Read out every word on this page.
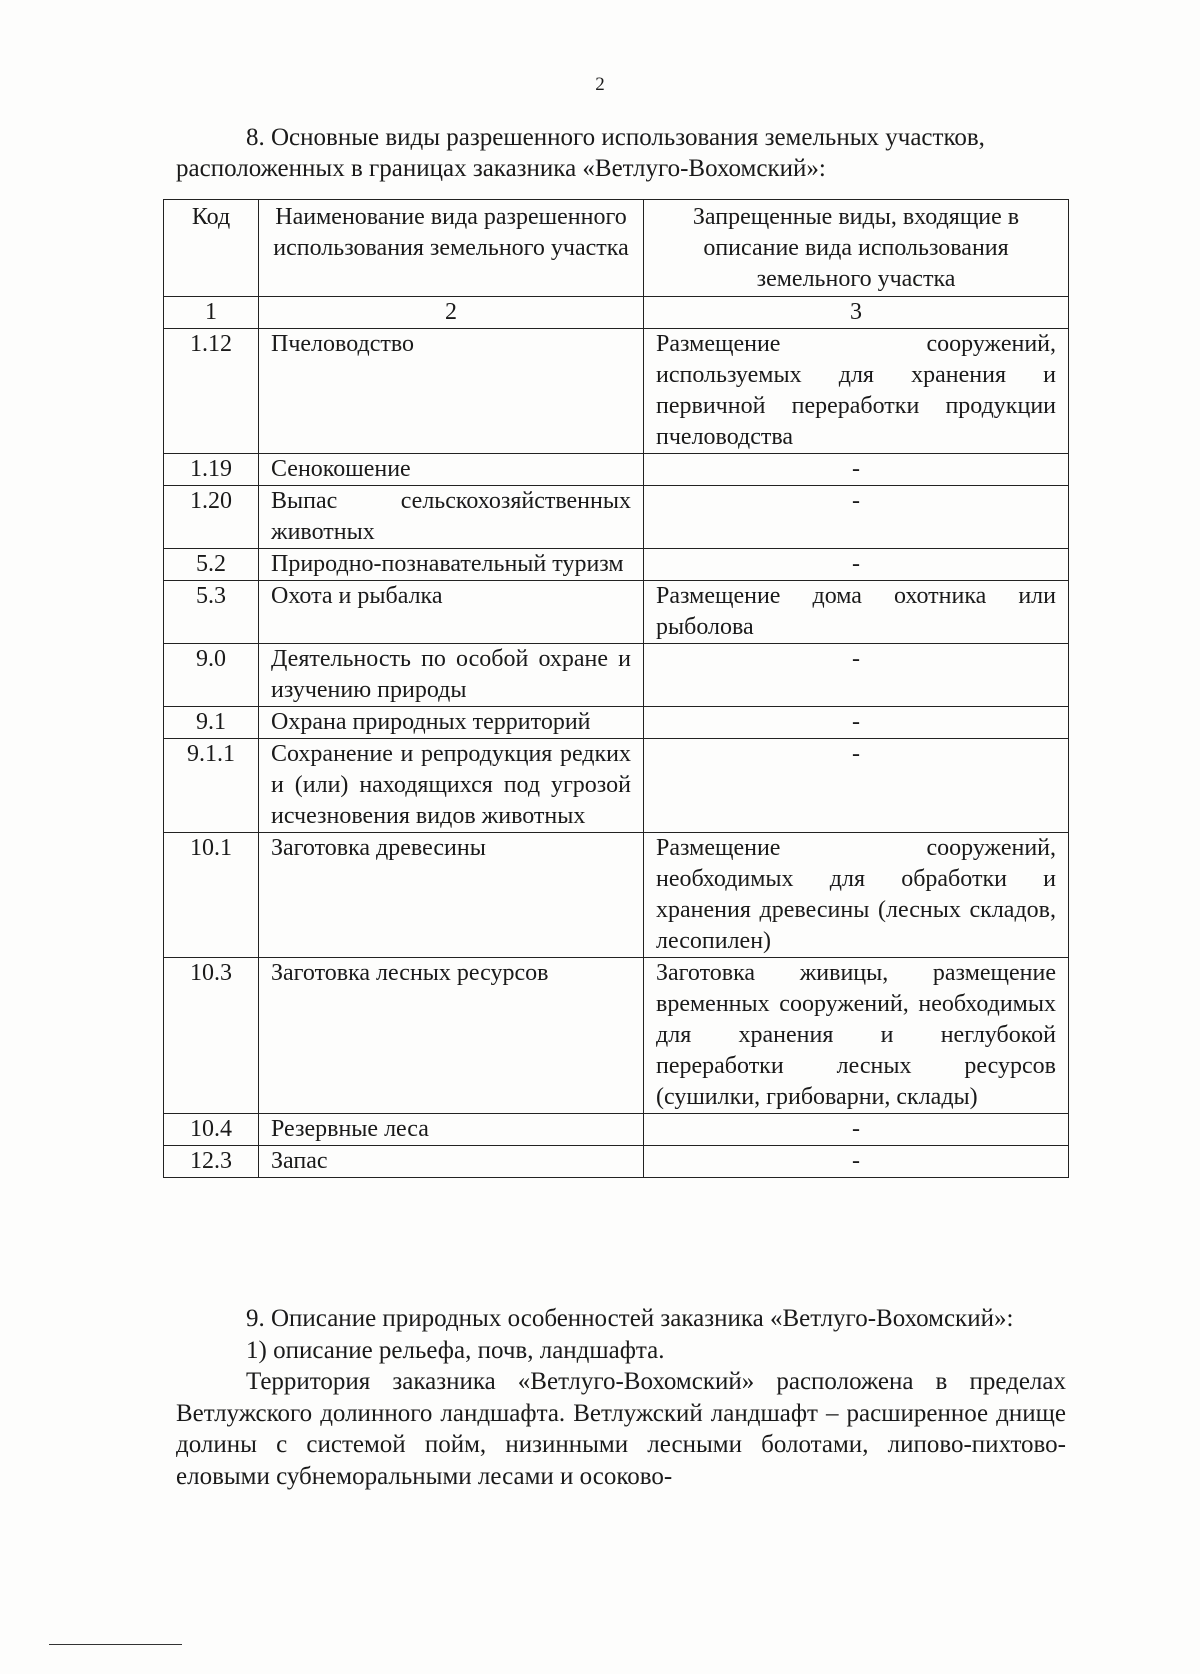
2
8. Основные виды разрешенного использования земельных участков,
расположенных в границах заказника «Ветлуго-Вохомский»:
Код	Наименование вида разрешенного использования земельного участка	Запрещенные виды, входящие в описание вида использования земельного участка
1	2	3
1.12	Пчеловодство	Размещение сооружений, используемых для хранения и первичной переработки продукции пчеловодства
1.19	Сенокошение	-
1.20	Выпас сельскохозяйственных животных	-
5.2	Природно-познавательный туризм	-
5.3	Охота и рыбалка	Размещение дома охотника или рыболова
9.0	Деятельность по особой охране и изучению природы	-
9.1	Охрана природных территорий	-
9.1.1	Сохранение и репродукция редких и (или) находящихся под угрозой исчезновения видов животных	-
10.1	Заготовка древесины	Размещение сооружений, необходимых для обработки и хранения древесины (лесных складов, лесопилен)
10.3	Заготовка лесных ресурсов	Заготовка живицы, размещение временных сооружений, необходимых для хранения и неглубокой переработки лесных ресурсов (сушилки, грибоварни, склады)
10.4	Резервные леса	-
12.3	Запас	-

9. Описание природных особенностей заказника «Ветлуго-Вохомский»:

1) описание рельефа, почв, ландшафта.

Территория заказника «Ветлуго-Вохомский» расположена в пределах Ветлужского долинного ландшафта. Ветлужский ландшафт – расширенное днище долины с системой пойм, низинными лесными болотами, липово-пихтово-еловыми субнеморальными лесами и осоково-
